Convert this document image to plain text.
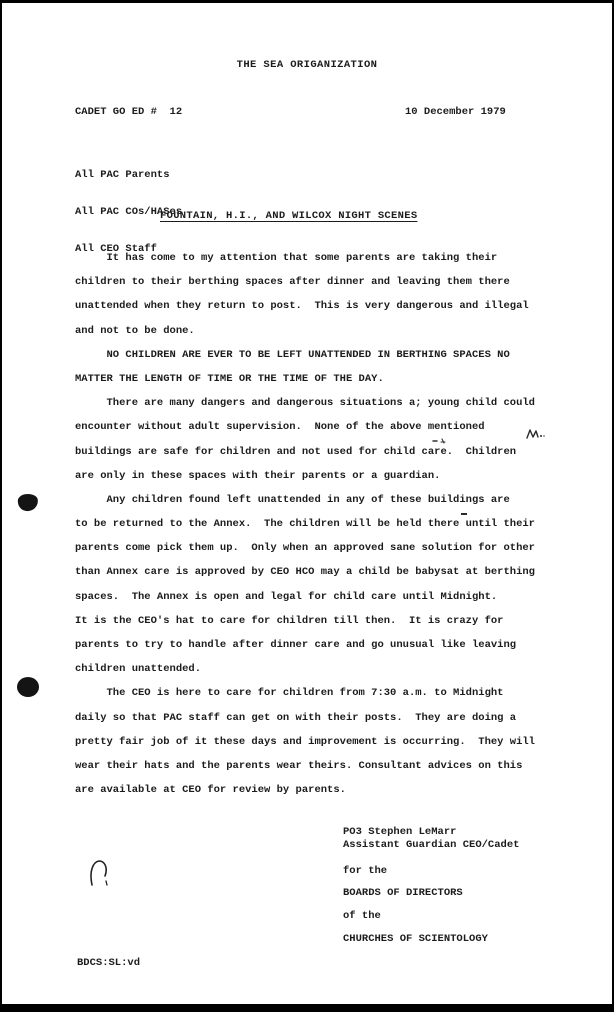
THE SEA ORIGANIZATION
CADET GO ED #  12	10 December 1979

All PAC Parents

All PAC COs/HASes

All CEO Staff

FOUNTAIN, H.I., AND WILCOX NIGHT SCENES
It has come to my attention that some parents are taking their
children to their berthing spaces after dinner and leaving them there
unattended when they return to post.  This is very dangerous and illegal
and not to be done.
NO CHILDREN ARE EVER TO BE LEFT UNATTENDED IN BERTHING SPACES NO
MATTER THE LENGTH OF TIME OR THE TIME OF THE DAY.
There are many dangers and dangerous situations a; young child could
encounter without adult supervision.  None of the above mentioned
buildings are safe for children and not used for child care.  Children
are only in these spaces with their parents or a guardian.
Any children found left unattended in any of these buildings are
to be returned to the Annex.  The children will be held there until their
parents come pick them up.  Only when an approved sane solution for other
than Annex care is approved by CEO HCO may a child be babysat at berthing
spaces.  The Annex is open and legal for child care until Midnight.
It is the CEO's hat to care for children till then.  It is crazy for
parents to try to handle after dinner care and go unusual like leaving
children unattended.
The CEO is here to care for children from 7:30 a.m. to Midnight
daily so that PAC staff can get on with their posts.  They are doing a
pretty fair job of it these days and improvement is occurring.  They will
wear their hats and the parents wear theirs. Consultant advices on this
are available at CEO for review by parents.
PO3 Stephen LeMarr
Assistant Guardian CEO/Cadet
for the
BOARDS OF DIRECTORS
of the
CHURCHES OF SCIENTOLOGY
BDCS:SL:vd
